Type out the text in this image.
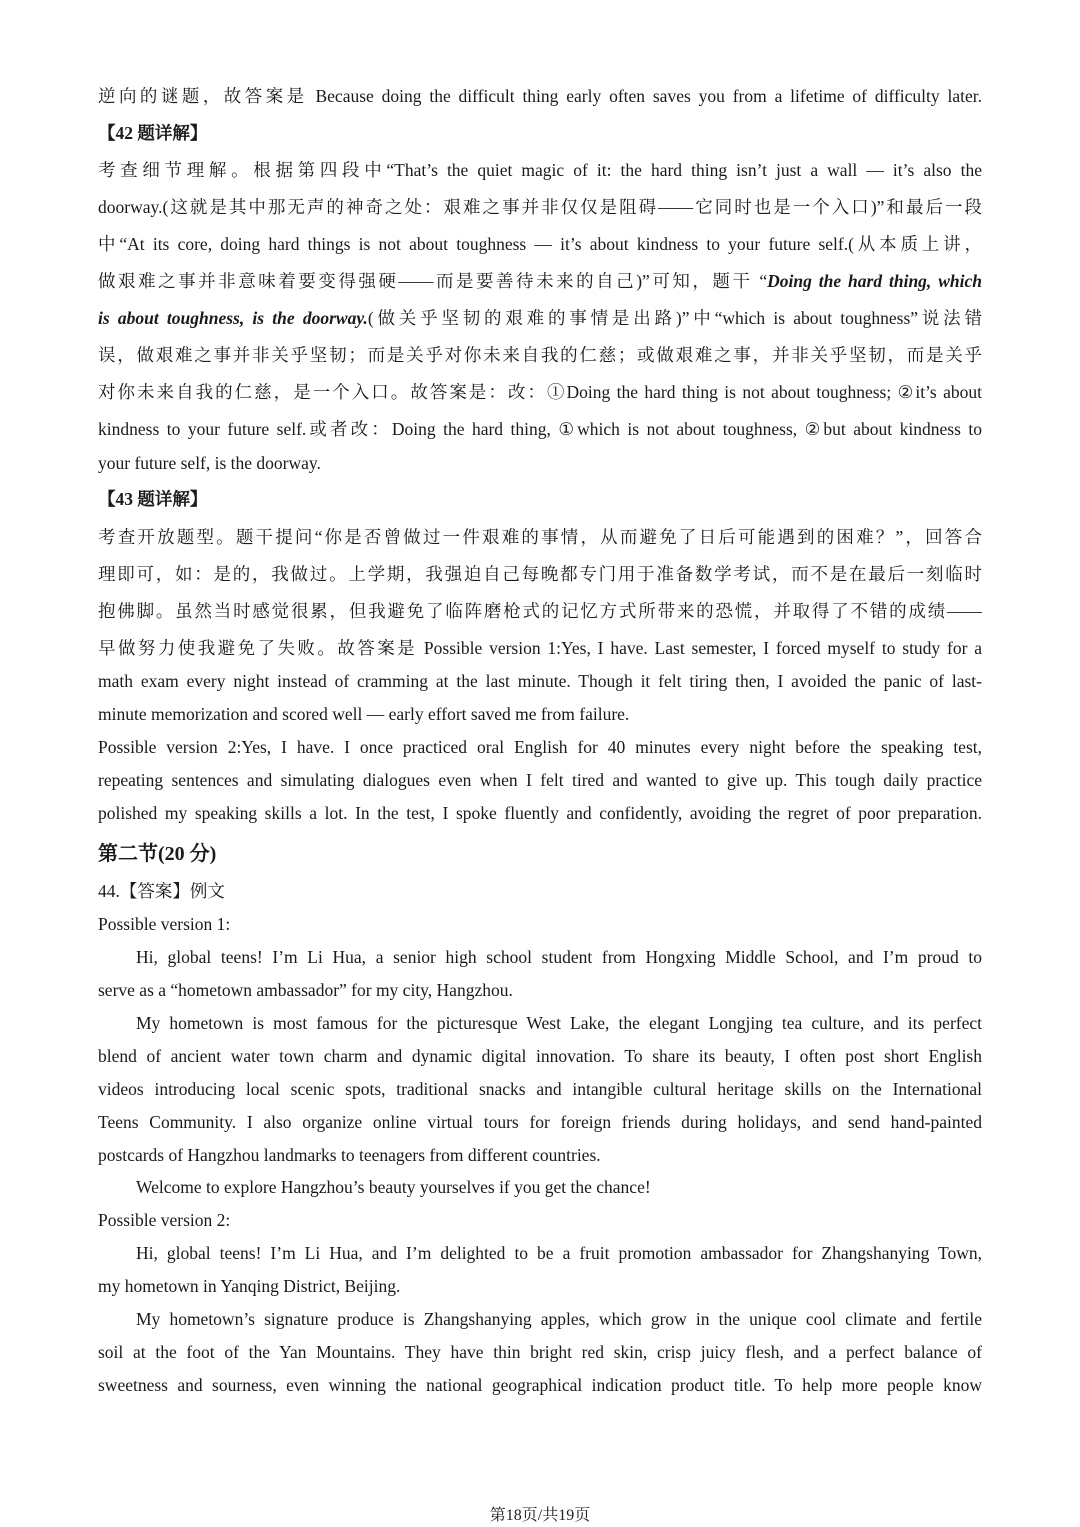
逆向的谜题，故答案是 Because doing the difficult thing early often saves you from a lifetime of difficulty later.
【42 题详解】
考查细节理解。根据第四段中“That’s the quiet magic of it: the hard thing isn’t just a wall — it’s also the
doorway.(这就是其中那无声的神奇之处：艰难之事并非仅仅是阻碍——它同时也是一个入口)”和最后一段
中“At its core, doing hard things is not about toughness — it’s about kindness to your future self.(从本质上讲，
做艰难之事并非意味着要变得强硬——而是要善待未来的自己)”可知，题干 “Doing the hard thing, which
is about toughness, is the doorway.(做关乎坚韧的艰难的事情是出路)”中“which is about toughness”说法错
误，做艰难之事并非关乎坚韧；而是关乎对你未来自我的仁慈；或做艰难之事，并非关乎坚韧，而是关乎
对你未来自我的仁慈，是一个入口。故答案是：改：①Doing the hard thing is not about toughness; ②it’s about
kindness to your future self.或者改：Doing the hard thing, ①which is not about toughness, ②but about kindness to
your future self, is the doorway.
【43 题详解】
考查开放题型。题干提问“你是否曾做过一件艰难的事情，从而避免了日后可能遇到的困难？”，回答合
理即可，如：是的，我做过。上学期，我强迫自己每晚都专门用于准备数学考试，而不是在最后一刻临时
抱佛脚。虽然当时感觉很累，但我避免了临阵磨枪式的记忆方式所带来的恐慌，并取得了不错的成绩——
早做努力使我避免了失败。故答案是 Possible version 1:Yes, I have. Last semester, I forced myself to study for a
math exam every night instead of cramming at the last minute. Though it felt tiring then, I avoided the panic of last-
minute memorization and scored well — early effort saved me from failure.
Possible version 2:Yes, I have. I once practiced oral English for 40 minutes every night before the speaking test,
repeating sentences and simulating dialogues even when I felt tired and wanted to give up. This tough daily practice
polished my speaking skills a lot. In the test, I spoke fluently and confidently, avoiding the regret of poor preparation.
第二节(20 分)
44.【答案】例文
Possible version 1:
Hi, global teens! I’m Li Hua, a senior high school student from Hongxing Middle School, and I’m proud to
serve as a “hometown ambassador” for my city, Hangzhou.
My hometown is most famous for the picturesque West Lake, the elegant Longjing tea culture, and its perfect
blend of ancient water town charm and dynamic digital innovation. To share its beauty, I often post short English
videos introducing local scenic spots, traditional snacks and intangible cultural heritage skills on the International
Teens Community. I also organize online virtual tours for foreign friends during holidays, and send hand-painted
postcards of Hangzhou landmarks to teenagers from different countries.
Welcome to explore Hangzhou’s beauty yourselves if you get the chance!
Possible version 2:
Hi, global teens! I’m Li Hua, and I’m delighted to be a fruit promotion ambassador for Zhangshanying Town,
my hometown in Yanqing District, Beijing.
My hometown’s signature produce is Zhangshanying apples, which grow in the unique cool climate and fertile
soil at the foot of the Yan Mountains. They have thin bright red skin, crisp juicy flesh, and a perfect balance of
sweetness and sourness, even winning the national geographical indication product title. To help more people know
第18页/共19页
